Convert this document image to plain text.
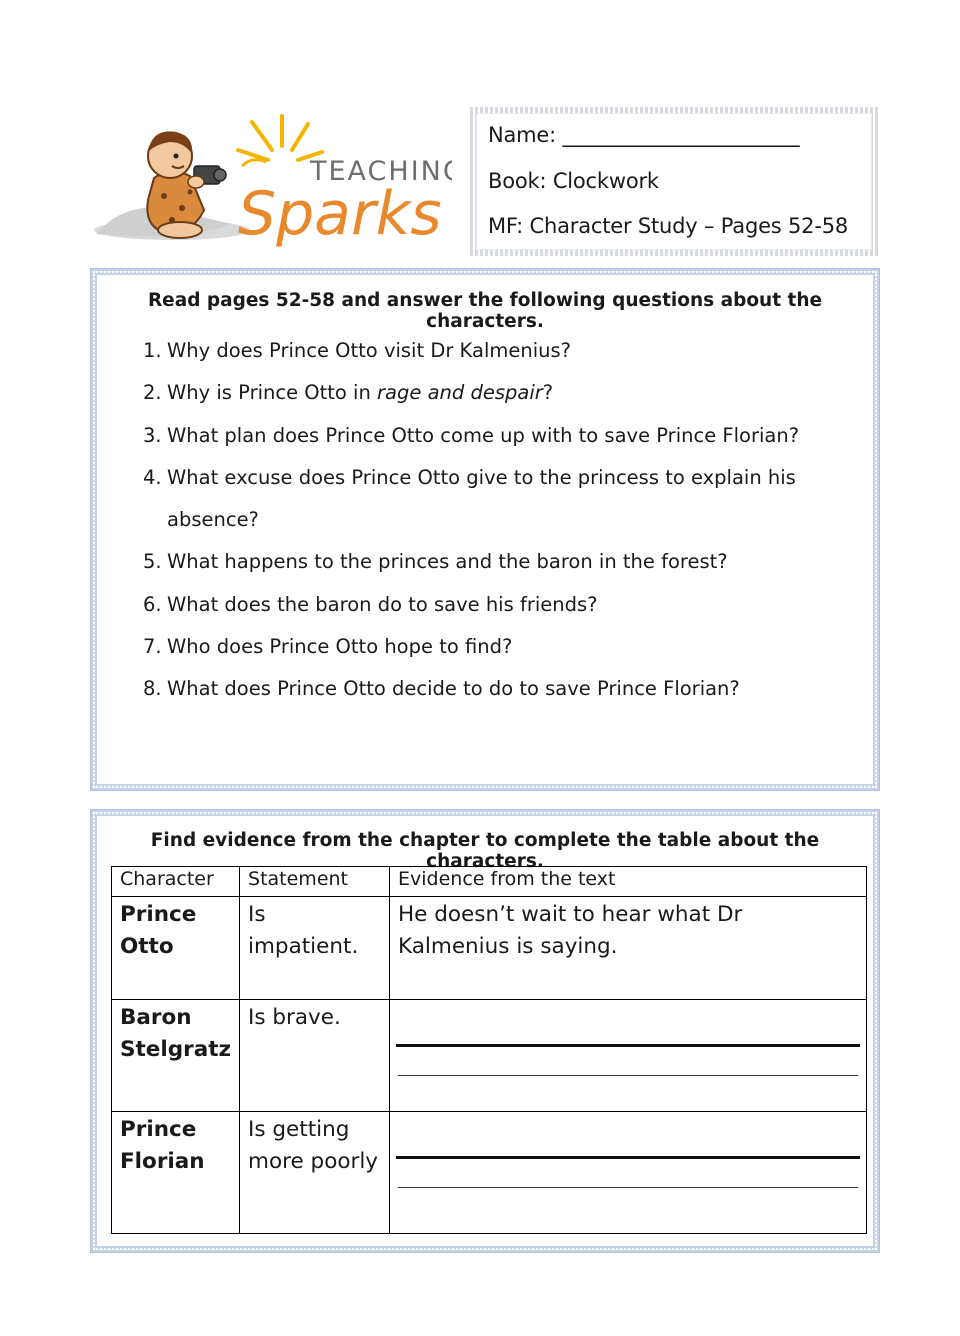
TEACHING
Sparks
Name: _______________________
Book: Clockwork
MF: Character Study – Pages 52-58
Read pages 52-58 and answer the following questions about the characters.
1. Why does Prince Otto visit Dr Kalmenius?
2. Why is Prince Otto in rage and despair?
3. What plan does Prince Otto come up with to save Prince Florian?
4. What excuse does Prince Otto give to the princess to explain his
absence?
5. What happens to the princes and the baron in the forest?
6. What does the baron do to save his friends?
7. Who does Prince Otto hope to find?
8. What does Prince Otto decide to do to save Prince Florian?
Find evidence from the chapter to complete the table about the characters.
Character	Statement	Evidence from the text

Prince
Otto	Is impatient.	He doesn’t wait to hear what Dr Kalmenius is saying.

Baron
Stelgratz	Is brave.	

Prince
Florian	Is getting more poorly	
